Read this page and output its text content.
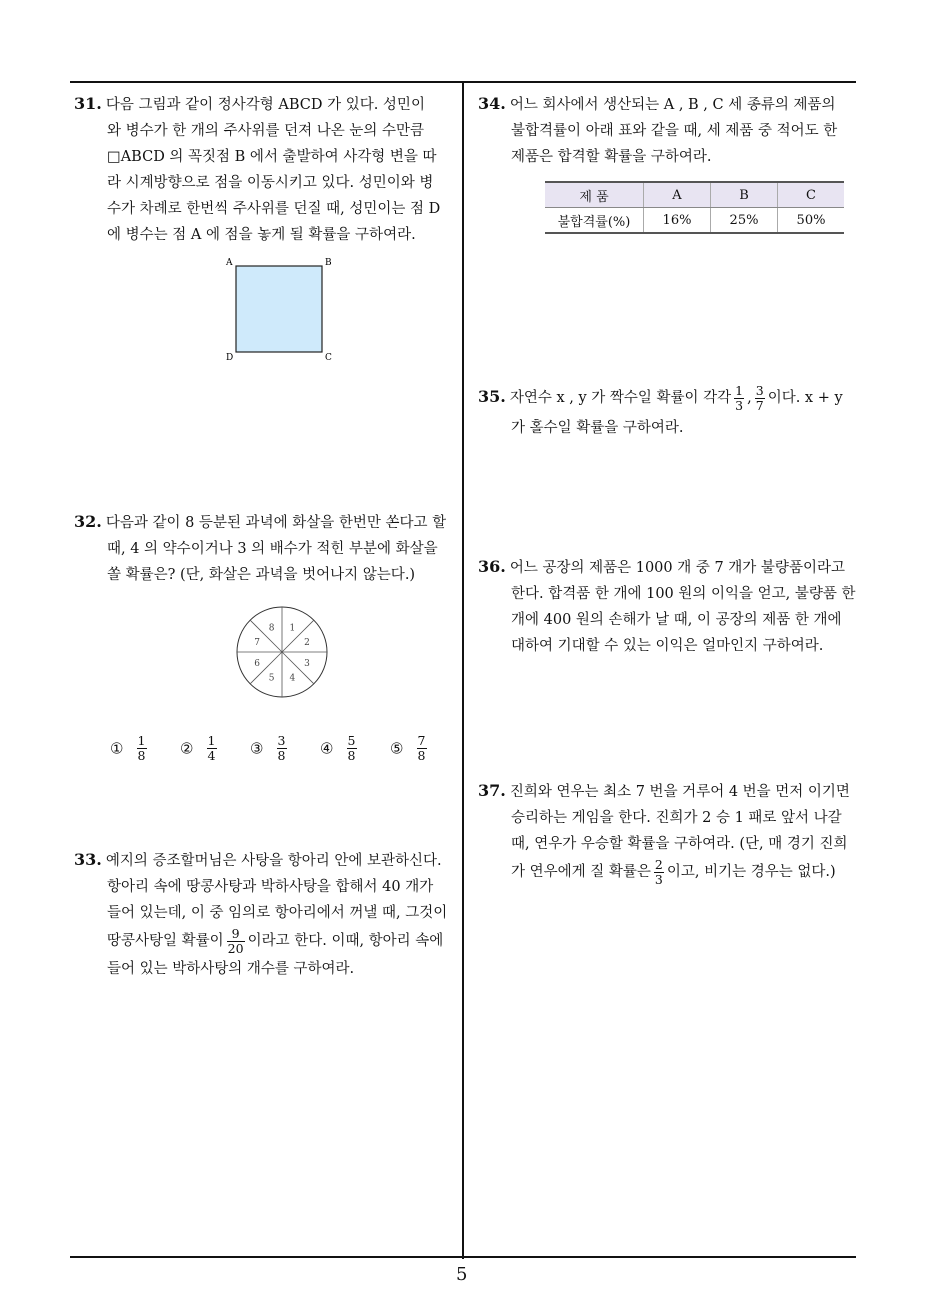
31. 다음 그림과 같이 정사각형 ABCD 가 있다. 성민이
와 병수가 한 개의 주사위를 던져 나온 눈의 수만큼
□ABCD 의 꼭짓점 B 에서 출발하여 사각형 변을 따
라 시계방향으로 점을 이동시키고 있다. 성민이와 병
수가 차례로 한번씩 주사위를 던질 때, 성민이는 점 D
에 병수는 점 A 에 점을 놓게 될 확률을 구하여라.
A	B
C
D
32. 다음과 같이 8 등분된 과녁에 화살을 한번만 쏜다고 할
때, 4 의 약수이거나 3 의 배수가 적힌 부분에 화살을
쏠 확률은? (단, 화살은 과녁을 벗어나지 않는다.)
1
2
3
4
5
6
7
8
① $\frac{1}{8}$ ② $\frac{1}{4}$ ③ $\frac{3}{8}$ ④ $\frac{5}{8}$ ⑤ $\frac{7}{8}$
33. 예지의 증조할머님은 사탕을 항아리 안에 보관하신다.
항아리 속에 땅콩사탕과 박하사탕을 합해서 40 개가
들어 있는데, 이 중 임의로 항아리에서 꺼낼 때, 그것이
땅콩사탕일 확률이 $\frac{9}{20}$ 이라고 한다. 이때, 항아리 속에
들어 있는 박하사탕의 개수를 구하여라.
34. 어느 회사에서 생산되는 A , B , C 세 종류의 제품의
불합격률이 아래 표와 같을 때, 세 제품 중 적어도 한
제품은 합격할 확률을 구하여라.
제 품	A	B	C
불합격률(%)	16%	25%	50%
35. 자연수 x , y 가 짝수일 확률이 각각 $\frac{1}{3}$ , $\frac{3}{7}$ 이다. x + y
가 홀수일 확률을 구하여라.
36. 어느 공장의 제품은 1000 개 중 7 개가 불량품이라고
한다. 합격품 한 개에 100 원의 이익을 얻고, 불량품 한
개에 400 원의 손해가 날 때, 이 공장의 제품 한 개에
대하여 기대할 수 있는 이익은 얼마인지 구하여라.
37. 진희와 연우는 최소 7 번을 거루어 4 번을 먼저 이기면
승리하는 게임을 한다. 진희가 2 승 1 패로 앞서 나갈
때, 연우가 우승할 확률을 구하여라. (단, 매 경기 진희
가 연우에게 질 확률은 $\frac{2}{3}$ 이고, 비기는 경우는 없다.)
5
